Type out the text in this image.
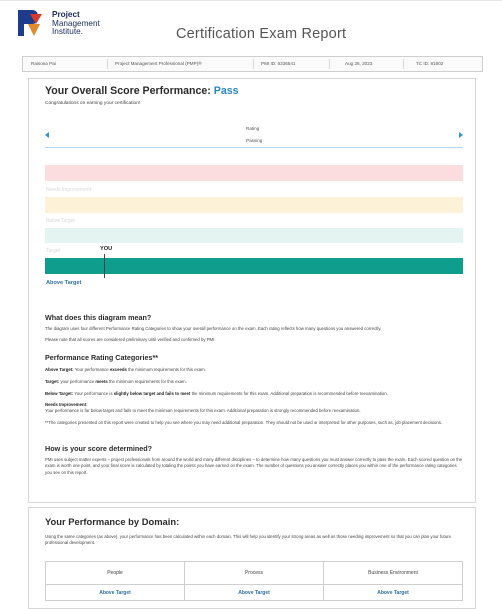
Project
Management
Institute.	Certification Exam Report
Raisona Pai	Project Management Professional (PMP)®	PMI ID: 6336541	Aug 26, 2023	TC ID: 81602
Your Overall Score Performance: Pass
Congratulations on earning your certification!
Rating
Passing
Needs Improvement
Below Target
Target	YOU
Above Target
What does this diagram mean?
The diagram uses four different Performance Rating Categories to show your overall performance on the exam. Each rating reflects how many questions you answered correctly.
Please note that all scores are considered preliminary until verified and confirmed by PMI.
Performance Rating Categories**
Above Target: Your performance exceeds the minimum requirements for this exam.
Target: your performance meets the minimum requirements for this exam.
Below Target: Your performance is slightly below target and fails to meet the minimum requirements for this exam. Additional preparation is recommended before reexamination.
Needs Improvement:
Your performance is far below target and fails to meet the minimum requirements for this exam. Additional preparation is strongly recommended before reexamination.
**The categories presented on this report were created to help you see where you may need additional preparation. They should not be used or interpreted for other purposes, such as, job placement decisions.
How is your score determined?
PMI uses subject matter experts – project professionals from around the world and many different disciplines – to determine how many questions you must answer correctly to pass the exam. Each scored question on the exam is worth one point, and your final score is calculated by totaling the points you have earned on the exam. The number of questions you answer correctly places you within one of the performance rating categories you see on this report.
Your Performance by Domain:
Using the same categories (as above), your performance has been calculated within each domain. This will help you identify your strong areas as well as those needing improvement so that you can plan your future professional development.
People	Process	Business Environment
Above Target	Above Target	Above Target
